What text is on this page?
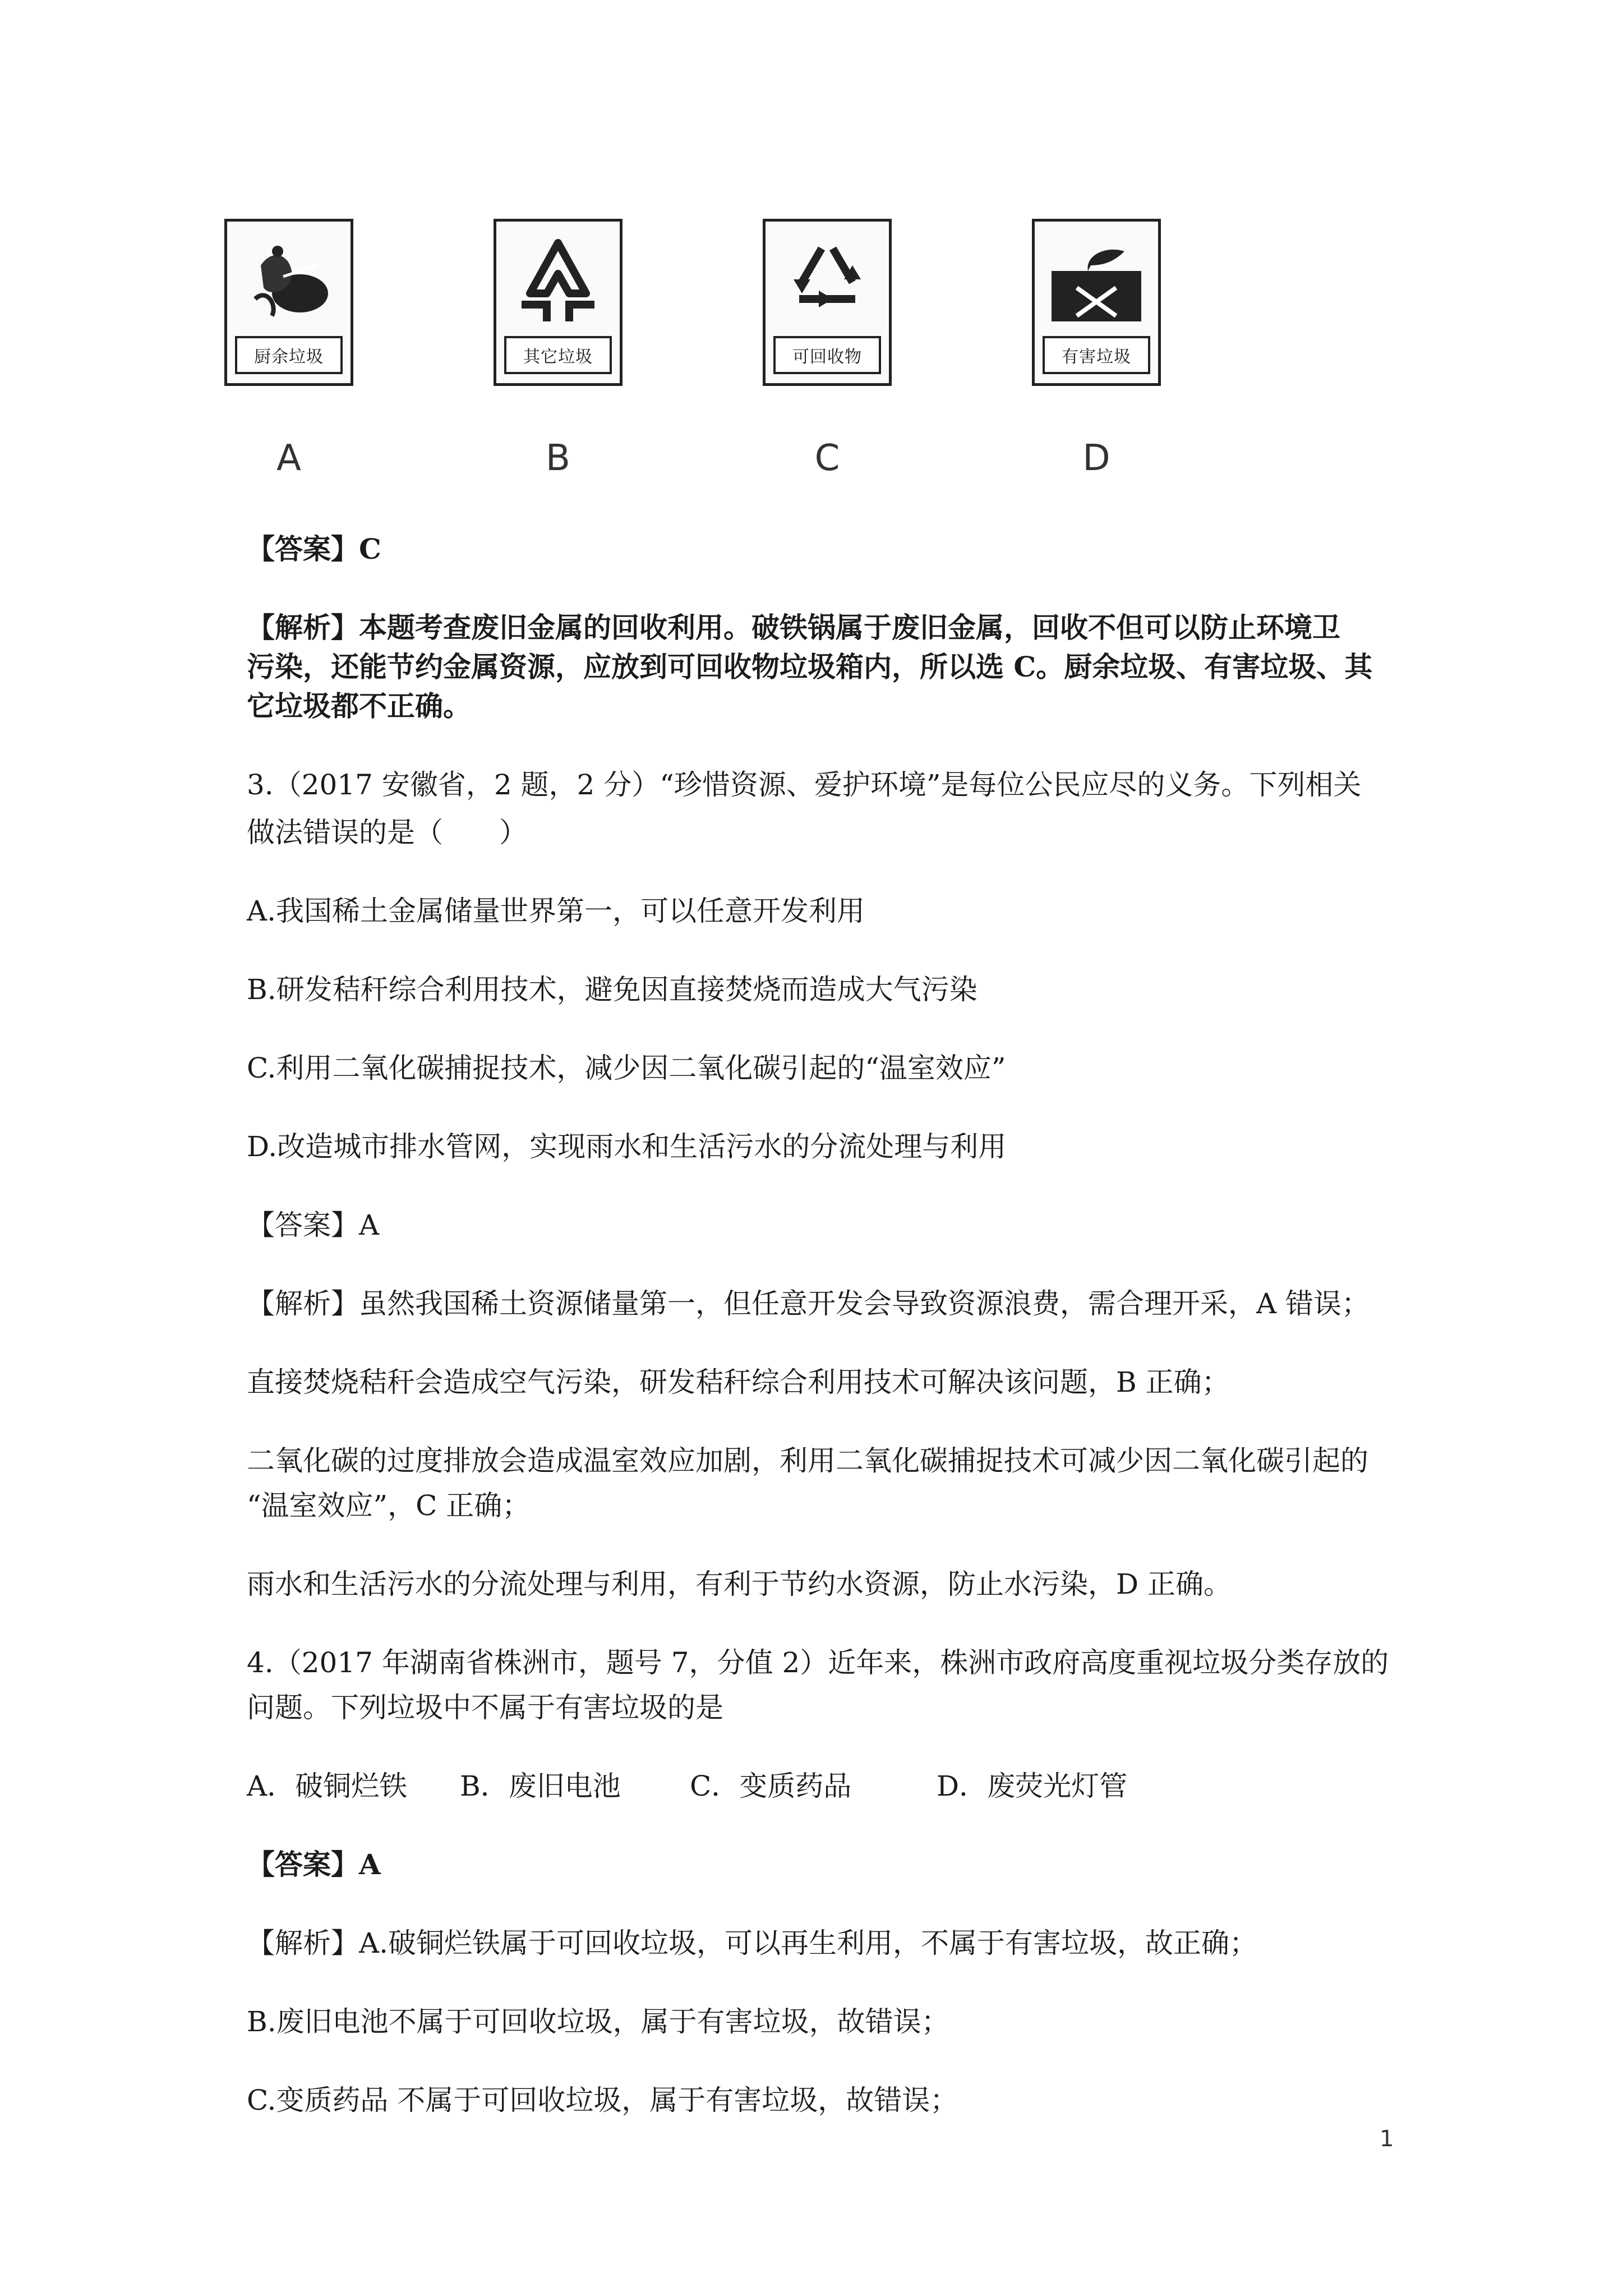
厨余垃圾	其它垃圾	可回收物	有害垃圾
A	B	C	D
【答案】C
【解析】本题考查废旧金属的回收利用。破铁锅属于废旧金属，回收不但可以防止环境卫
污染，还能节约金属资源，应放到可回收物垃圾箱内，所以选 C。厨余垃圾、有害垃圾、其
它垃圾都不正确。
3.（2017 安徽省，2 题，2 分）“珍惜资源、爱护环境”是每位公民应尽的义务。下列相关
做法错误的是（　　）
A.我国稀土金属储量世界第一，可以任意开发利用
B.研发秸秆综合利用技术，避免因直接焚烧而造成大气污染
C.利用二氧化碳捕捉技术，减少因二氧化碳引起的“温室效应”
D.改造城市排水管网，实现雨水和生活污水的分流处理与利用
【答案】A
【解析】虽然我国稀土资源储量第一，但任意开发会导致资源浪费，需合理开采，A 错误；
直接焚烧秸秆会造成空气污染，研发秸秆综合利用技术可解决该问题，B 正确；
二氧化碳的过度排放会造成温室效应加剧，利用二氧化碳捕捉技术可减少因二氧化碳引起的
“温室效应”，C 正确；
雨水和生活污水的分流处理与利用，有利于节约水资源，防止水污染，D 正确。
4.（2017 年湖南省株洲市，题号 7，分值 2）近年来，株洲市政府高度重视垃圾分类存放的
问题。下列垃圾中不属于有害垃圾的是
A．破铜烂铁 B．废旧电池 C．变质药品	D．废荧光灯管
【答案】A
【解析】A.破铜烂铁属于可回收垃圾，可以再生利用，不属于有害垃圾，故正确；
B.废旧电池不属于可回收垃圾，属于有害垃圾，故错误；
C.变质药品 不属于可回收垃圾，属于有害垃圾，故错误；
1
